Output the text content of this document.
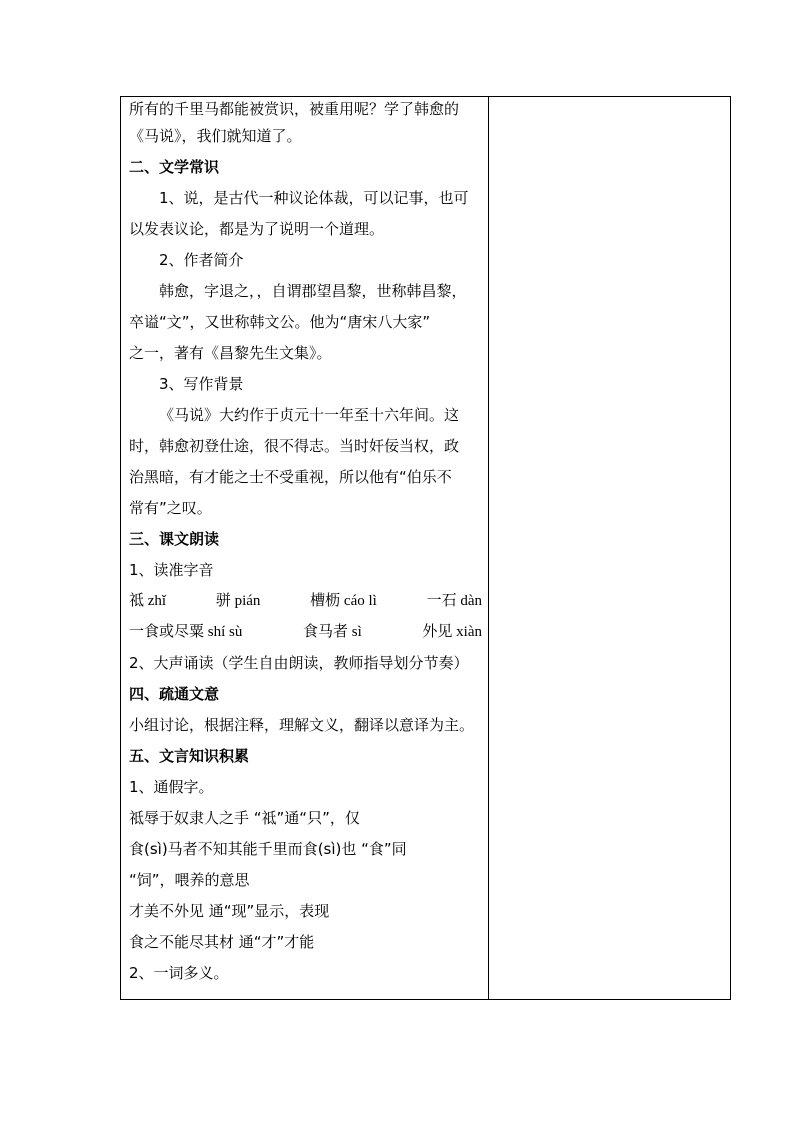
所有的千里马都能被赏识，被重用呢？学了韩愈的
《马说》，我们就知道了。
二、文学常识
1、说，是古代一种议论体裁，可以记事，也可
以发表议论，都是为了说明一个道理。
2、作者简介
韩愈，字退之，，自谓郡望昌黎，世称韩昌黎，
卒谥“文”，又世称韩文公。他为“唐宋八大家”
之一，著有《昌黎先生文集》。
3、写作背景
《马说》大约作于贞元十一年至十六年间。这
时，韩愈初登仕途，很不得志。当时奸佞当权，政
治黑暗，有才能之士不受重视，所以他有“伯乐不
常有”之叹。
三、课文朗读
1、读准字音
祗 zhǐ	骈 pián	槽枥 cáo lì	一石 dàn
一食或尽粟 shí sù	食马者 sì	外见 xiàn
2、大声诵读（学生自由朗读，教师指导划分节奏）
四、疏通文意
小组讨论，根据注释，理解文义，翻译以意译为主。
五、文言知识积累
1、通假字。
祗辱于奴隶人之手 “祗”通“只”，仅
食(sì)马者不知其能千里而食(sì)也 “食”同
“饲”，喂养的意思
才美不外见 通“现”显示，表现
食之不能尽其材 通“才”才能
2、一词多义。
